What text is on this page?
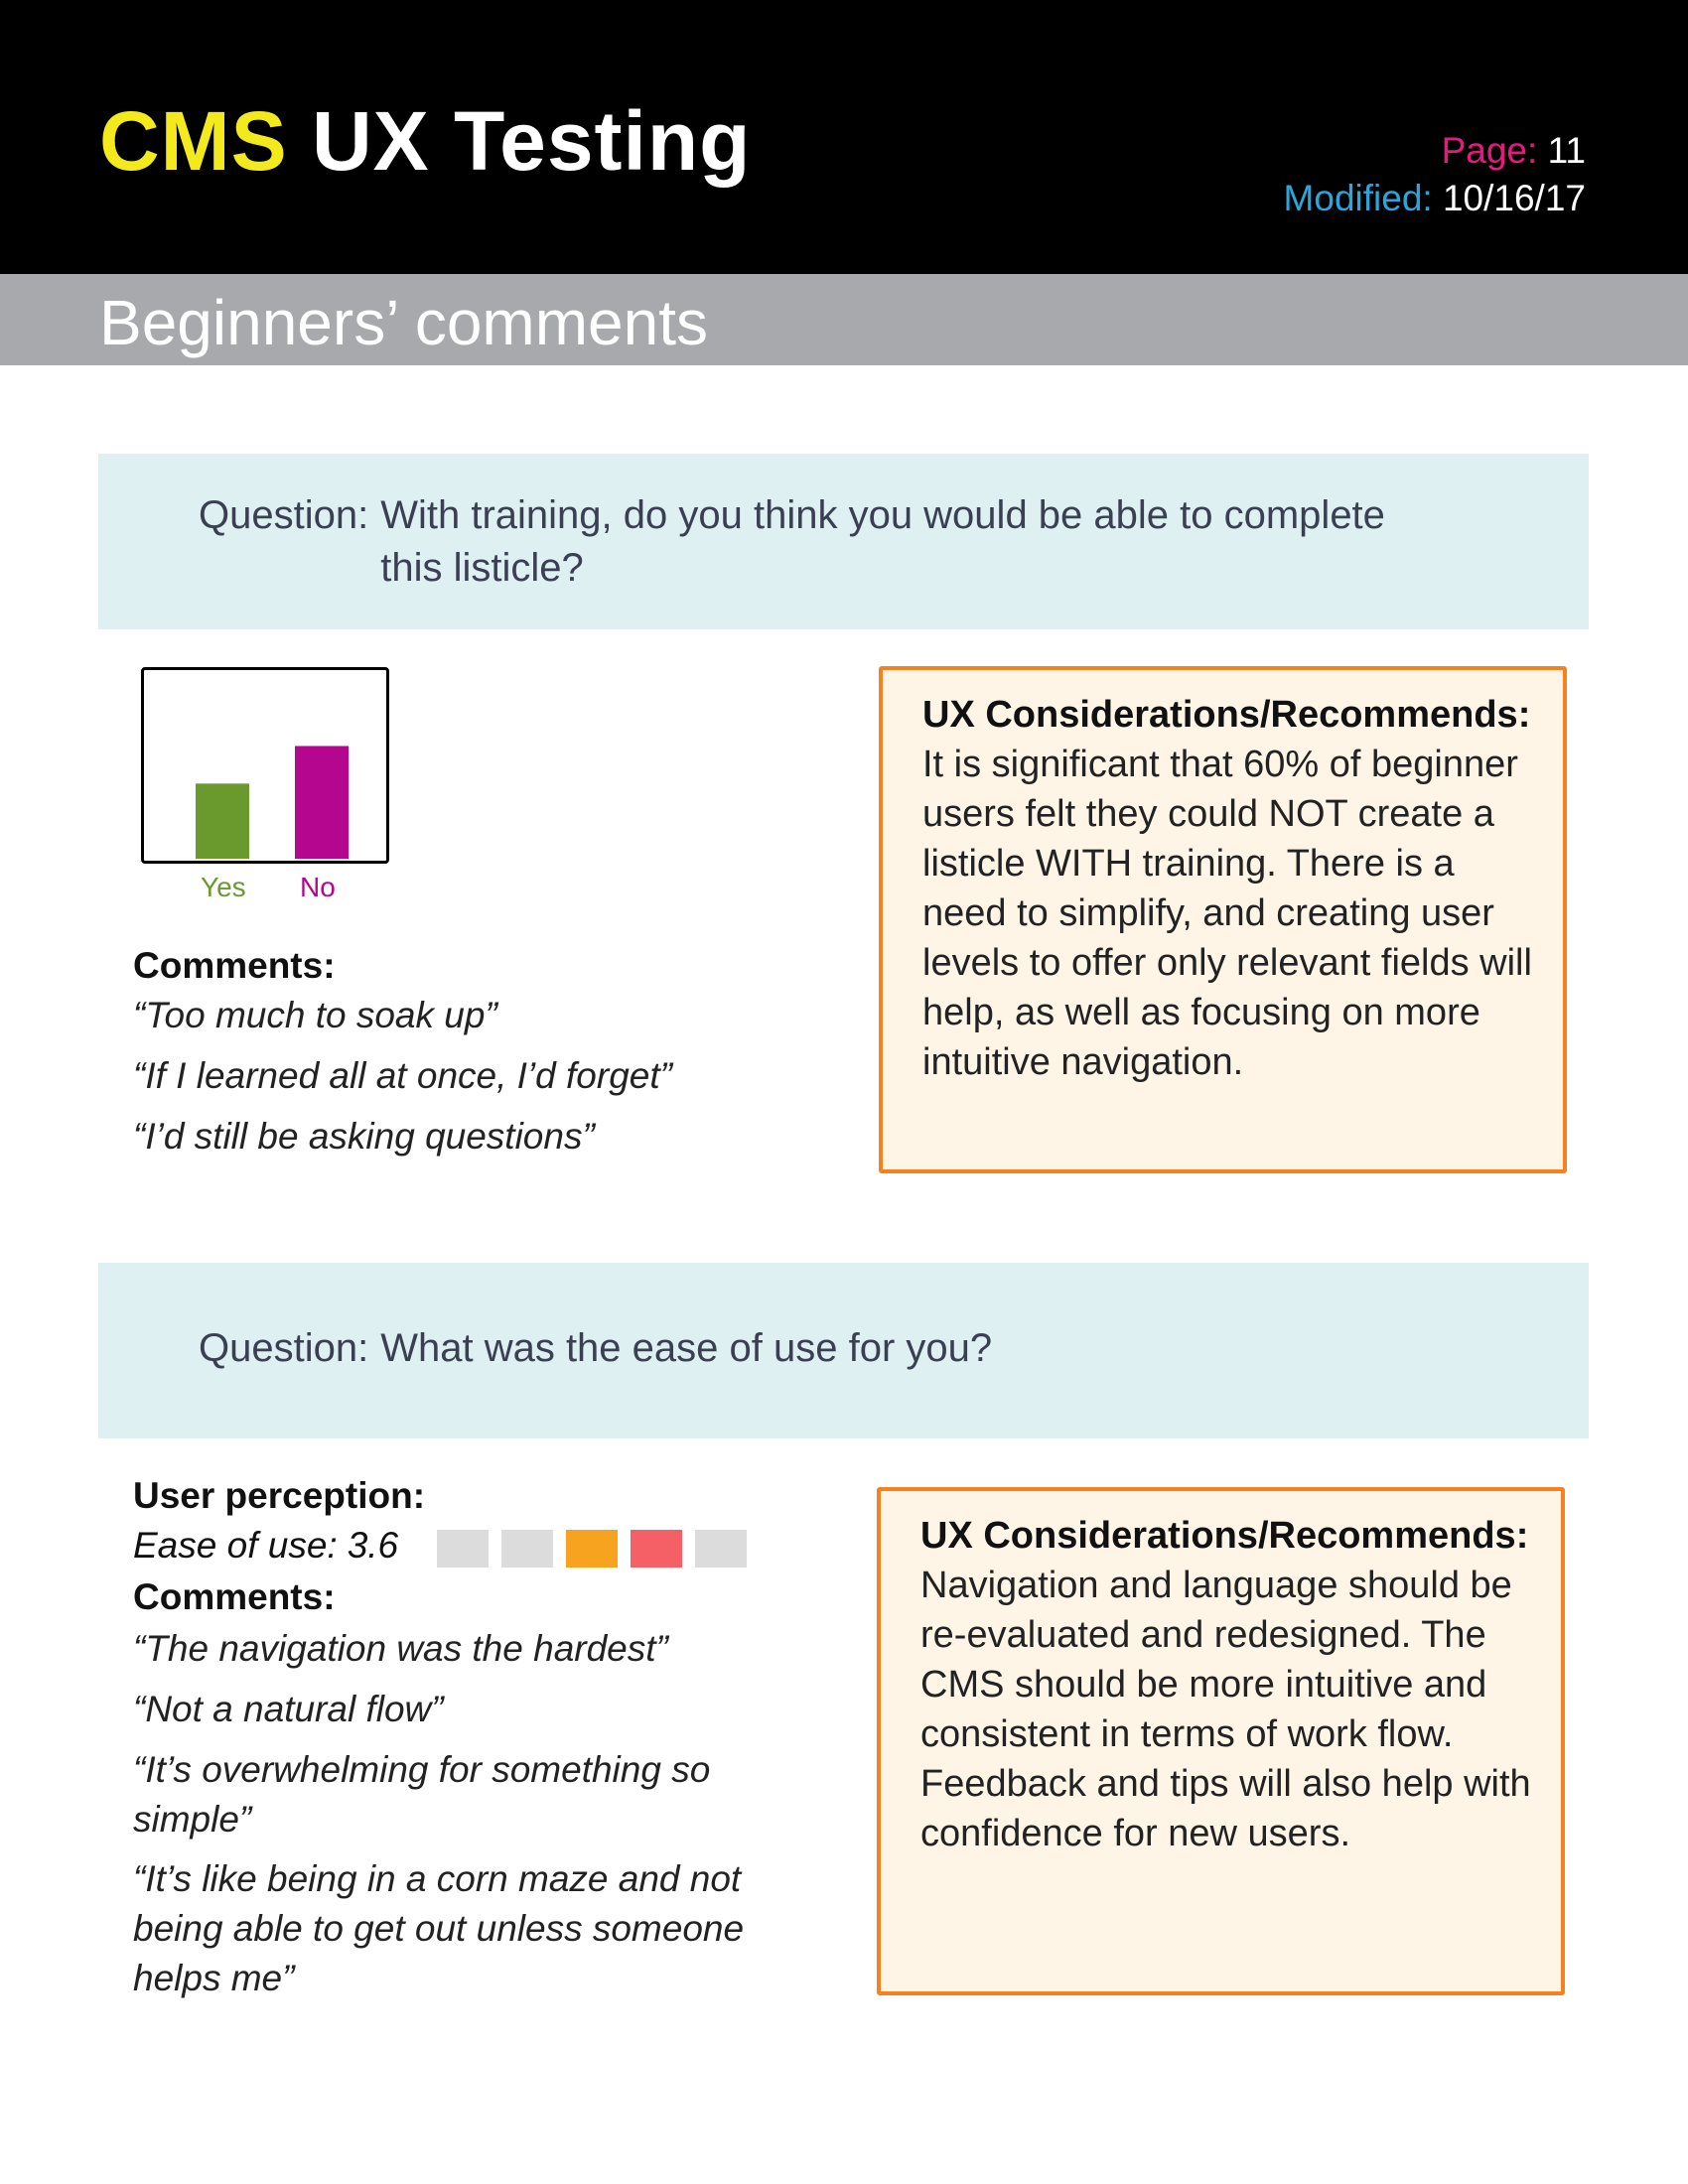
CMS UX Testing	Page: 11
Modified: 10/16/17
Beginners’ comments
Question: With training, do you think you would be able to complete this listicle?
Yes No
Comments:
“Too much to soak up”
“If I learned all at once, I’d forget”
“I’d still be asking questions”
UX Considerations/Recommends:
It is significant that 60% of beginner users felt they could NOT create a listicle WITH training. There is a need to simplify, and creating user levels to offer only relevant fields will help, as well as focusing on more intuitive navigation.
Question: What was the ease of use for you?
User perception:
Ease of use: 3.6
Comments:
“The navigation was the hardest”
“Not a natural flow”
“It’s overwhelming for something so simple”
“It’s like being in a corn maze and not being able to get out unless someone helps me”
UX Considerations/Recommends:
Navigation and language should be re-evaluated and redesigned. The CMS should be more intuitive and consistent in terms of work flow. Feedback and tips will also help with confidence for new users.
